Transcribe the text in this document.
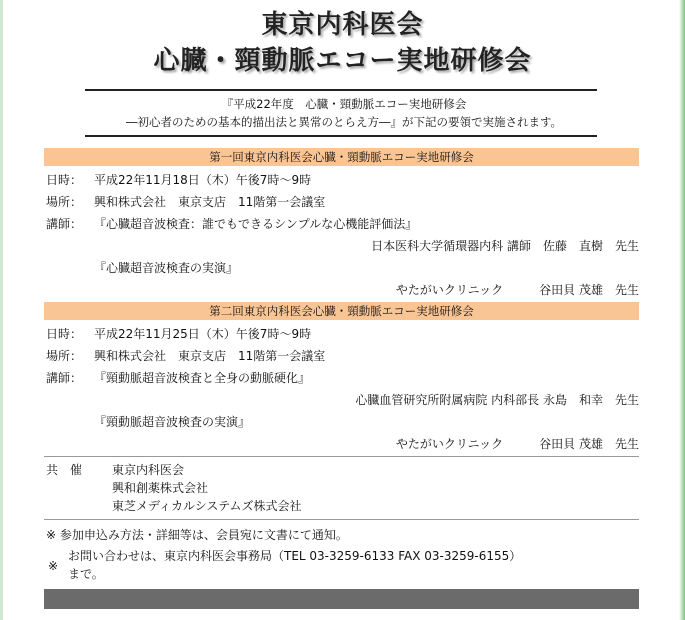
東京内科医会
心臓・頸動脈エコー実地研修会
『平成22年度　心臓・頸動脈エコー実地研修会
―初心者のための基本的描出法と異常のとらえ方―』が下記の要領で実施されます。
第一回東京内科医会心臓・頸動脈エコー実地研修会
日時： 平成22年11月18日（木）午後7時〜9時
場所： 興和株式会社　東京支店　11階第一会議室
講師： 『心臓超音波検査：誰でもできるシンプルな心機能評価法』
日本医科大学循環器内科 講師　佐藤　直樹　先生
『心臓超音波検査の実演』
やたがいクリニック　　　谷田貝 茂雄　先生
第二回東京内科医会心臓・頸動脈エコー実地研修会
日時： 平成22年11月25日（木）午後7時〜9時
場所： 興和株式会社　東京支店　11階第一会議室
講師： 『頸動脈超音波検査と全身の動脈硬化』
心臓血管研究所附属病院 内科部長 永島　和幸　先生
『頸動脈超音波検査の実演』
やたがいクリニック　　　谷田貝 茂雄　先生
共　催 東京内科医会
興和創薬株式会社
東芝メディカルシステムズ株式会社
※ 参加申込み方法・詳細等は、会員宛に文書にて通知。
※
お問い合わせは、東京内科医会事務局（TEL 03-3259-6133 FAX 03-3259-6155）
まで。
